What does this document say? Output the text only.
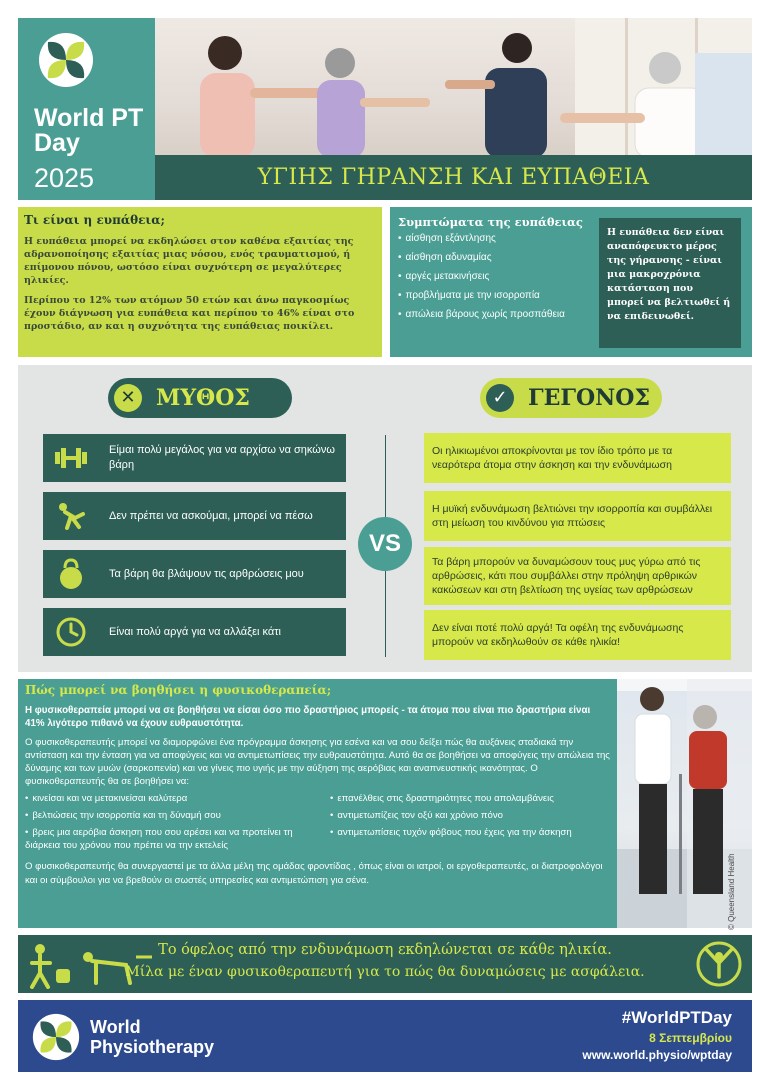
World PT Day
2025	ΥΓΙΗΣ ΓΗΡΑΝΣΗ ΚΑΙ ΕΥΠΑΘΕΙΑ
Τι είναι η ευπάθεια;

Η ευπάθεια μπορεί να εκδηλώσει στον καθένα εξαιτίας της αδρανοποίησης εξαιτίας μιας νόσου, ενός τραυματισμού, ή επίμονου πόνου, ωστόσο είναι συχνότερη σε μεγαλύτερες ηλικίες.

Περίπου το 12% των ατόμων 50 ετών και άνω παγκοσμίως έχουν διάγνωση για ευπάθεια και περίπου το 46% είναι στο προστάδιο, αν και η συχνότητα της ευπάθειας ποικίλει.

Συμπτώματα της ευπάθειας
• αίσθηση εξάντλησης
• αίσθηση αδυναμίας
• αργές μετακινήσεις
• προβλήματα με την ισορροπία
• απώλεια βάρους χωρίς προσπάθεια
Η ευπάθεια δεν είναι αναπόφευκτο μέρος της γήρανσης - είναι μια μακροχρόνια κατάσταση που μπορεί να βελτιωθεί ή να επιδεινωθεί.
✕ ΜΥΘΟΣ	✓ ΓΕΓΟΝΟΣ
Είμαι πολύ μεγάλος για να αρχίσω να σηκώνω βάρη
Δεν πρέπει να ασκούμαι, μπορεί να πέσω
Τα βάρη θα βλάψουν τις αρθρώσεις μου
Είναι πολύ αργά για να αλλάξει κάτι
VS
Οι ηλικιωμένοι αποκρίνονται με τον ίδιο τρόπο με τα νεαρότερα άτομα στην άσκηση και την ενδυνάμωση
Η μυϊκή ενδυνάμωση βελτιώνει την ισορροπία και συμβάλλει στη μείωση του κινδύνου για πτώσεις
Τα βάρη μπορούν να δυναμώσουν τους μυς γύρω από τις αρθρώσεις, κάτι που συμβάλλει στην πρόληψη αρθρικών κακώσεων και στη βελτίωση της υγείας των αρθρώσεων
Δεν είναι ποτέ πολύ αργά! Τα οφέλη της ενδυνάμωσης μπορούν να εκδηλωθούν σε κάθε ηλικία!
Πώς μπορεί να βοηθήσει η φυσικοθεραπεία;

Η φυσικοθεραπεία μπορεί να σε βοηθήσει να είσαι όσο πιο δραστήριος μπορείς - τα άτομα που είναι πιο δραστήρια είναι 41% λιγότερο πιθανό να έχουν ευθραυστότητα.

Ο φυσικοθεραπευτής μπορεί να διαμορφώνει ένα πρόγραμμα άσκησης για εσένα και να σου δείξει πώς θα αυξάνεις σταδιακά την αντίσταση και την ένταση για να αποφύγεις και να αντιμετωπίσεις την ευθραυστότητα. Αυτό θα σε βοηθήσει να αποφύγεις την απώλεια της δύναμης και των μυών (σαρκοπενία) και να γίνεις πιο υγιής με την αύξηση της αερόβιας και αναπνευστικής ικανότητας. Ο φυσικοθεραπευτής θα σε βοηθήσει να:

• κινείσαι και να μετακινείσαι καλύτερα
• βελτιώσεις την ισορροπία και τη δύναμή σου
• βρεις μια αερόβια άσκηση που σου αρέσει και να προτείνει τη διάρκεια του χρόνου που πρέπει να την εκτελείς
• επανέλθεις στις δραστηριότητες που απολαμβάνεις
• αντιμετωπίζεις τον οξύ και χρόνιο πόνο
• αντιμετωπίσεις τυχόν φόβους που έχεις για την άσκηση

Ο φυσικοθεραπευτής θα συνεργαστεί με τα άλλα μέλη της ομάδας φροντίδας , όπως είναι οι ιατροί, οι εργοθεραπευτές, οι διατροφολόγοι και οι σύμβουλοι για να βρεθούν οι σωστές υπηρεσίες και αντιμετώπιση για σένα.	© Queensland Health
Το όφελος από την ενδυνάμωση εκδηλώνεται σε κάθε ηλικία.
Μίλα με έναν φυσικοθεραπευτή για το πώς θα δυναμώσεις με ασφάλεια.
World
Physiotherapy
#WorldPTDay
8 Σεπτεμβρίου
www.world.physio/wptday
